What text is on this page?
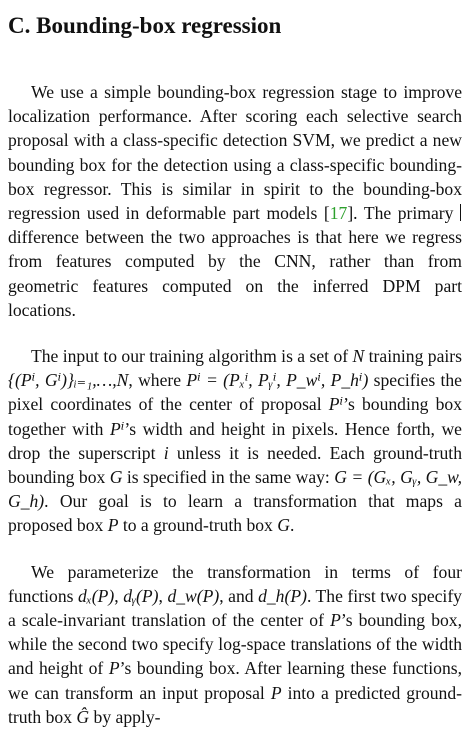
C. Bounding-box regression

We use a simple bounding-box regression stage to improve localization performance. After scoring each selective search proposal with a class-specific detection SVM, we predict a new bounding box for the detection using a class-specific bounding-box regressor. This is similar in spirit to the bounding-box regression used in deformable part models [17]. The primary difference between the two approaches is that here we regress from features computed by the CNN, rather than from geometric features computed on the inferred DPM part locations.

The input to our training algorithm is a set of N training pairs {(Pⁱ, Gⁱ)}ᵢ₌₁,…,N, where Pⁱ = (Pₓⁱ, Pᵧⁱ, P_wⁱ, P_hⁱ) specifies the pixel coordinates of the center of proposal Pⁱ’s bounding box together with Pⁱ’s width and height in pixels. Hence forth, we drop the superscript i unless it is needed. Each ground-truth bounding box G is specified in the same way: G = (Gₓ, Gᵧ, G_w, G_h). Our goal is to learn a transformation that maps a proposed box P to a ground-truth box G.

We parameterize the transformation in terms of four functions dₓ(P), dᵧ(P), d_w(P), and d_h(P). The first two specify a scale-invariant translation of the center of P’s bounding box, while the second two specify log-space translations of the width and height of P’s bounding box. After learning these functions, we can transform an input proposal P into a predicted ground-truth box Ĝ by apply-
